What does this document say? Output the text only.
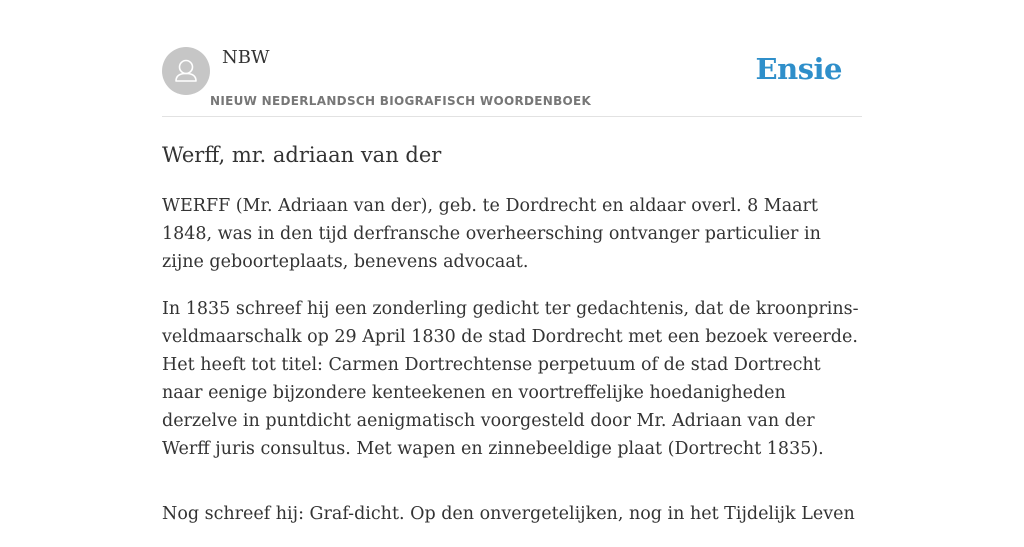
NBW
NIEUW NEDERLANDSCH BIOGRAFISCH WOORDENBOEK
Ensie
Werff, mr. adriaan van der

WERFF (Mr. Adriaan van der), geb. te Dordrecht en aldaar overl. 8 Maart 1848, was in den tijd derfransche overheersching ontvanger particulier in zijne geboorteplaats, benevens advocaat.

In 1835 schreef hij een zonderling gedicht ter gedachtenis, dat de kroonprins-veldmaarschalk op 29 April 1830 de stad Dordrecht met een bezoek vereerde. Het heeft tot titel: Carmen Dortrechtense perpetuum of de stad Dortrecht naar eenige bijzondere kenteekenen en voortreffelijke hoedanigheden derzelve in puntdicht aenigmatisch voorgesteld door Mr. Adriaan van der Werff juris consultus. Met wapen en zinnebeeldige plaat (Dortrecht 1835).

Nog schreef hij: Graf-dicht. Op den onvergetelijken, nog in het Tijdelijk Leven
